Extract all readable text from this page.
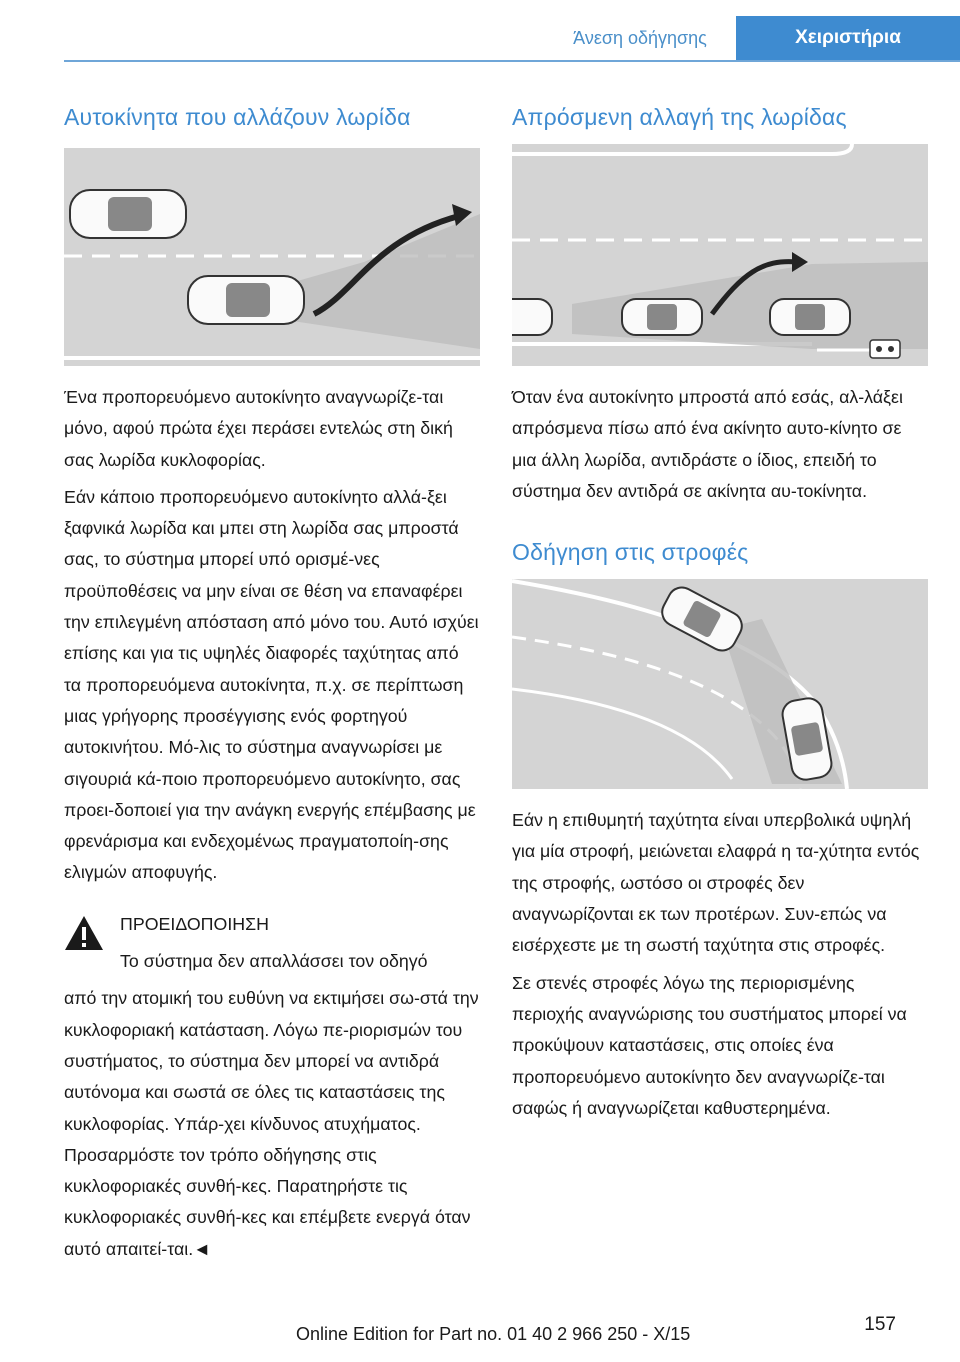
Άνεση οδήγησης	Χειριστήρια
Αυτοκίνητα που αλλάζουν λωρίδα

Ένα προπορευόμενο αυτοκίνητο αναγνωρίζε-ται μόνο, αφού πρώτα έχει περάσει εντελώς στη δική σας λωρίδα κυκλοφορίας.

Εάν κάποιο προπορευόμενο αυτοκίνητο αλλά-ξει ξαφνικά λωρίδα και μπει στη λωρίδα σας μπροστά σας, το σύστημα μπορεί υπό ορισμέ-νες προϋποθέσεις να μην είναι σε θέση να επαναφέρει την επιλεγμένη απόσταση από μόνο του. Αυτό ισχύει επίσης και για τις υψηλές διαφορές ταχύτητας από τα προπορευόμενα αυτοκίνητα, π.χ. σε περίπτωση μιας γρήγορης προσέγγισης ενός φορτηγού αυτοκινήτου. Μό-λις το σύστημα αναγνωρίσει με σιγουριά κά-ποιο προπορευόμενο αυτοκίνητο, σας προει-δοποιεί για την ανάγκη ενεργής επέμβασης με φρενάρισμα και ενδεχομένως πραγματοποίη-σης ελιγμών αποφυγής.

ΠΡΟΕΙΔΟΠΟΙΗΣΗ

Το σύστημα δεν απαλλάσσει τον οδηγό

από την ατομική του ευθύνη να εκτιμήσει σω-στά την κυκλοφοριακή κατάσταση. Λόγω πε-ριορισμών του συστήματος, το σύστημα δεν μπορεί να αντιδρά αυτόνομα και σωστά σε όλες τις καταστάσεις της κυκλοφορίας. Υπάρ-χει κίνδυνος ατυχήματος. Προσαρμόστε τον τρόπο οδήγησης στις κυκλοφοριακές συνθή-κες. Παρατηρήστε τις κυκλοφοριακές συνθή-κες και επέμβετε ενεργά όταν αυτό απαιτεί-ται.◄

Απρόσμενη αλλαγή της λωρίδας

Όταν ένα αυτοκίνητο μπροστά από εσάς, αλ-λάξει απρόσμενα πίσω από ένα ακίνητο αυτο-κίνητο σε μια άλλη λωρίδα, αντιδράστε ο ίδιος, επειδή το σύστημα δεν αντιδρά σε ακίνητα αυ-τοκίνητα.

Οδήγηση στις στροφές

Εάν η επιθυμητή ταχύτητα είναι υπερβολικά υψηλή για μία στροφή, μειώνεται ελαφρά η τα-χύτητα εντός της στροφής, ωστόσο οι στροφές δεν αναγνωρίζονται εκ των προτέρων. Συν-επώς να εισέρχεστε με τη σωστή ταχύτητα στις στροφές.

Σε στενές στροφές λόγω της περιορισμένης περιοχής αναγνώρισης του συστήματος μπορεί να προκύψουν καταστάσεις, στις οποίες ένα προπορευόμενο αυτοκίνητο δεν αναγνωρίζε-ται σαφώς ή αναγνωρίζεται καθυστερημένα.

157
Online Edition for Part no. 01 40 2 966 250 - X/15
